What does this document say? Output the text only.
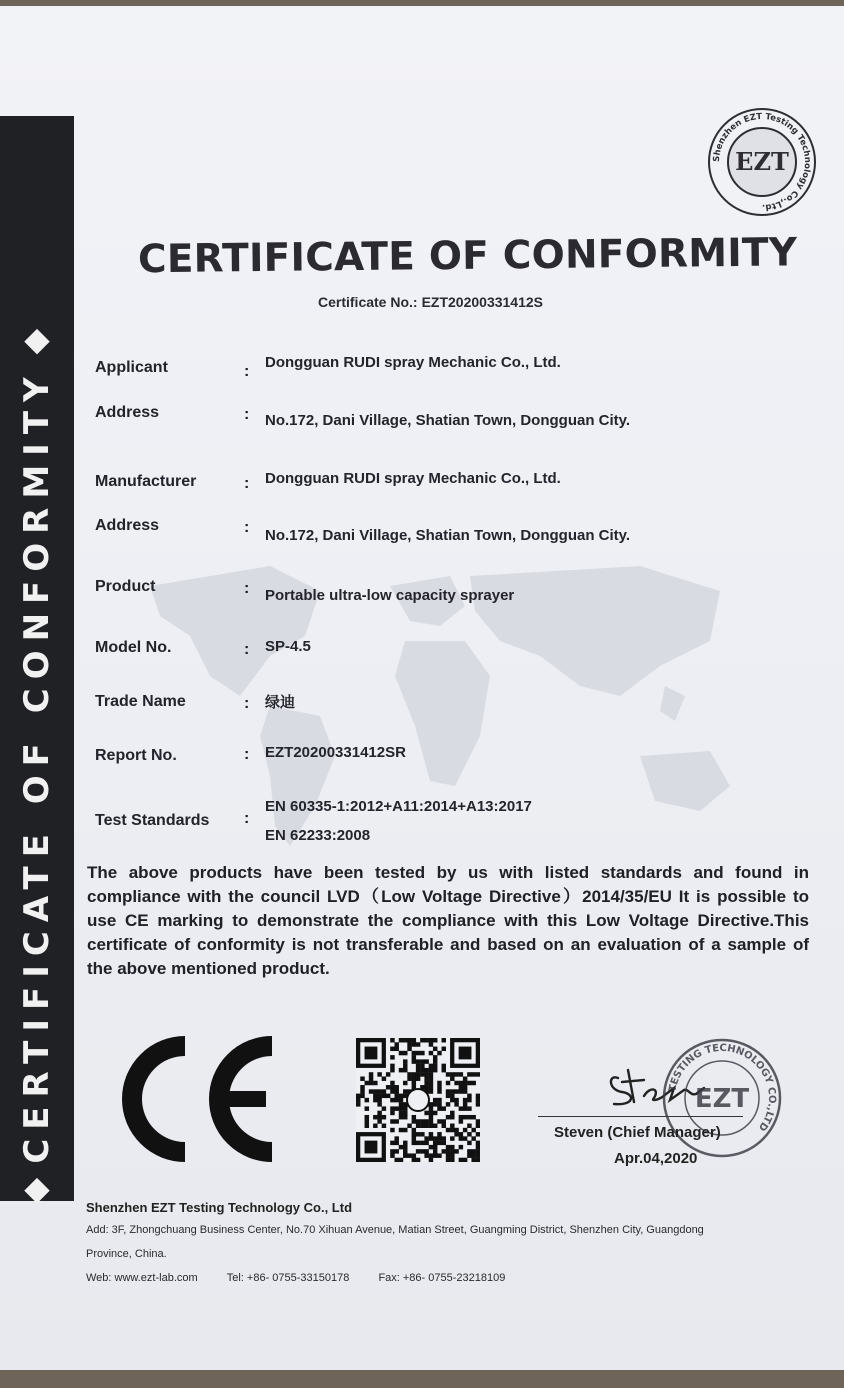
CERTIFICATE OF CONFORMITY
Shenzhen EZT Testing Technology Co.,Ltd.
EZT
CERTIFICATE OF CONFORMITY
Certificate No.: EZT20200331412S
Applicant	:
Dongguan RUDI spray Mechanic Co., Ltd.
Address	: No.172, Dani Village, Shatian Town, Dongguan City.
Manufacturer	: Dongguan RUDI spray Mechanic Co., Ltd.
Address	: No.172, Dani Village, Shatian Town, Dongguan City.
Product	: Portable ultra-low capacity sprayer
Model No.	: SP-4.5
Trade Name	: 绿迪
Report No.	: EZT20200331412SR
Test Standards :
EN 60335-1:2012+A11:2014+A13:2017
EN 62233:2008
The above products have been tested by us with listed standards and found in compliance with the council LVD（Low Voltage Directive）2014/35/EU It is possible to use CE marking to demonstrate the compliance with this Low Voltage Directive.This certificate of conformity is not transferable and based on an evaluation of a sample of the above mentioned product.
TESTING TECHNOLOGY CO.,LTD
EZT
Steven (Chief Manager)
Apr.04,2020
Shenzhen EZT Testing Technology Co., Ltd
Add: 3F, Zhongchuang Business Center, No.70 Xihuan Avenue, Matian Street, Guangming District, Shenzhen City, Guangdong
Province, China.
Web: www.ezt-lab.com	Tel: +86- 0755-33150178	Fax: +86- 0755-23218109
